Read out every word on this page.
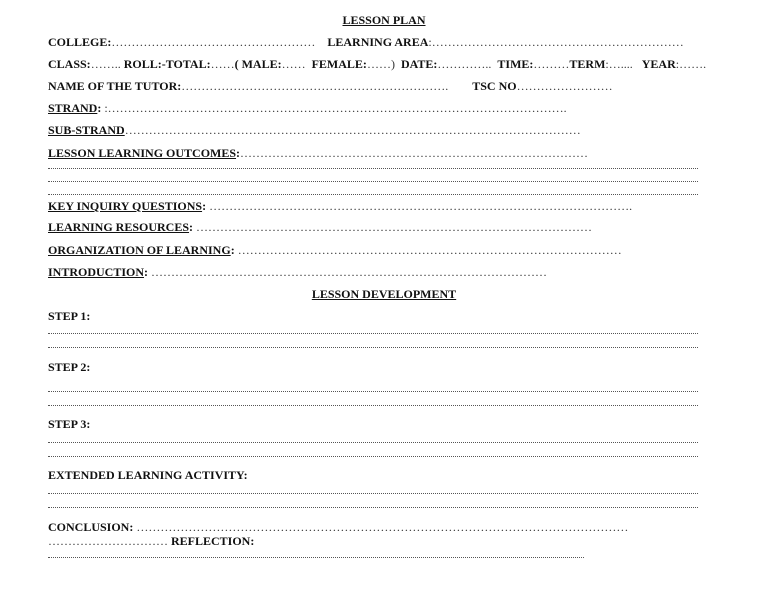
LESSON PLAN
COLLEGE:…………………………………………… LEARNING AREA:………………………………………………………
CLASS:…….. ROLL:-TOTAL:……( MALE:…… FEMALE:……) DATE:………….. TIME:………TERM:….... YEAR:…….
NAME OF THE TUTOR:…………………………………………………………. TSC NO……………………
STRAND: :…………………………………………………………………………………………………….
SUB-STRAND……………………………………………………………………………………………………
LESSON LEARNING OUTCOMES:……………………………………………………………………………
KEY INQUIRY QUESTIONS: …………………………………………………………………………………………….
LEARNING RESOURCES: ………………………………………………………………………………………
ORGANIZATION OF LEARNING: ……………………………………………………………………………………
INTRODUCTION: ………………………………………………………………………………………
LESSON DEVELOPMENT
STEP 1:
STEP 2:
STEP 3:
EXTENDED LEARNING ACTIVITY:
CONCLUSION: ……………………………………………………………………………………………………………
………………………… REFLECTION:
